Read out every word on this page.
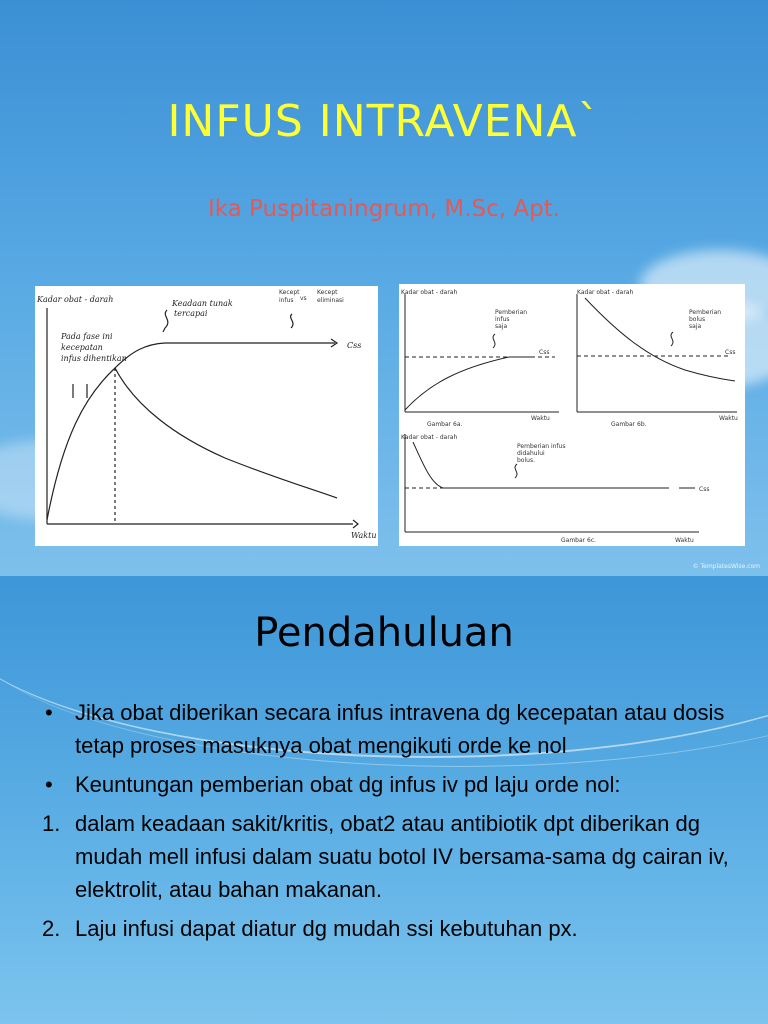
INFUS INTRAVENA`
Ika Puspitaningrum, M.Sc, Apt.
Kadar obat - darah
Waktu
Css
Pada fase ini
kecepatan
infus dihentikan
Keadaan tunak
tercapai
Kecept
infus vs
Kecept
eliminasi
Kadar obat - darah
Pemberian
infus
saja
Css
Waktu
Gambar 6a.
Kadar obat - darah
Pemberian
bolus
saja
Css
Waktu
Gambar 6b.
Kadar obat - darah
Pemberian infus
didahului
bolus.
Css
Waktu
Gambar 6c.
© TemplatesWise.com
Pendahuluan
• Jika obat diberikan secara infus intravena dg kecepatan atau dosis tetap proses masuknya obat mengikuti orde ke nol
• Keuntungan pemberian obat dg infus iv pd laju orde nol:
1. dalam keadaan sakit/kritis, obat2 atau antibiotik dpt diberikan dg mudah mell infusi dalam suatu botol IV bersama-sama dg cairan iv, elektrolit, atau bahan makanan.
2. Laju infusi dapat diatur dg mudah ssi kebutuhan px.
